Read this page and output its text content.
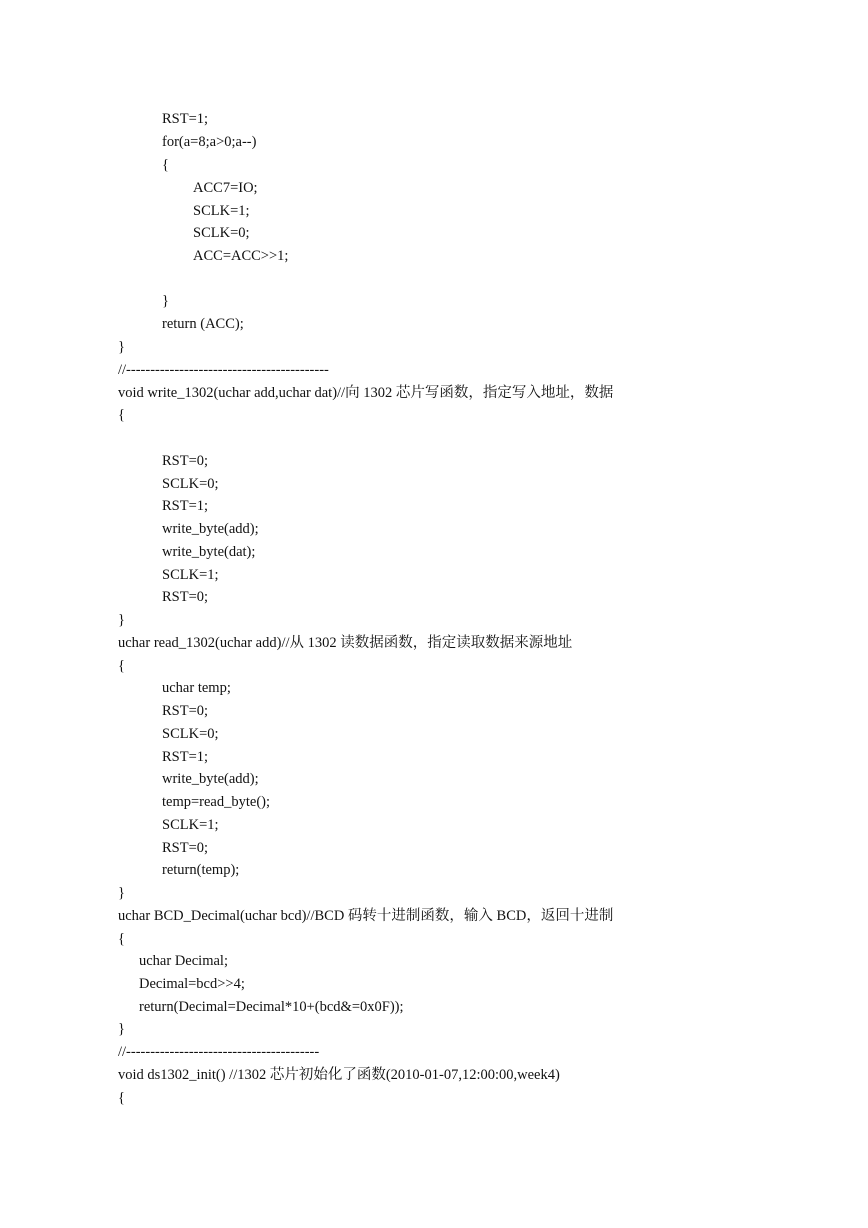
RST=1;
for(a=8;a>0;a--)
{
ACC7=IO;
SCLK=1;
SCLK=0;
ACC=ACC>>1;
}
return (ACC);
}
//------------------------------------------
void write_1302(uchar add,uchar dat)//向 1302 芯片写函数，指定写入地址，数据
{
RST=0;
SCLK=0;
RST=1;
write_byte(add);
write_byte(dat);
SCLK=1;
RST=0;
}
uchar read_1302(uchar add)//从 1302 读数据函数，指定读取数据来源地址
{
uchar temp;
RST=0;
SCLK=0;
RST=1;
write_byte(add);
temp=read_byte();
SCLK=1;
RST=0;
return(temp);
}
uchar BCD_Decimal(uchar bcd)//BCD 码转十进制函数，输入 BCD，返回十进制
{
uchar Decimal;
Decimal=bcd>>4;
return(Decimal=Decimal*10+(bcd&=0x0F));
}
//----------------------------------------
void ds1302_init() //1302 芯片初始化了函数(2010-01-07,12:00:00,week4)
{
